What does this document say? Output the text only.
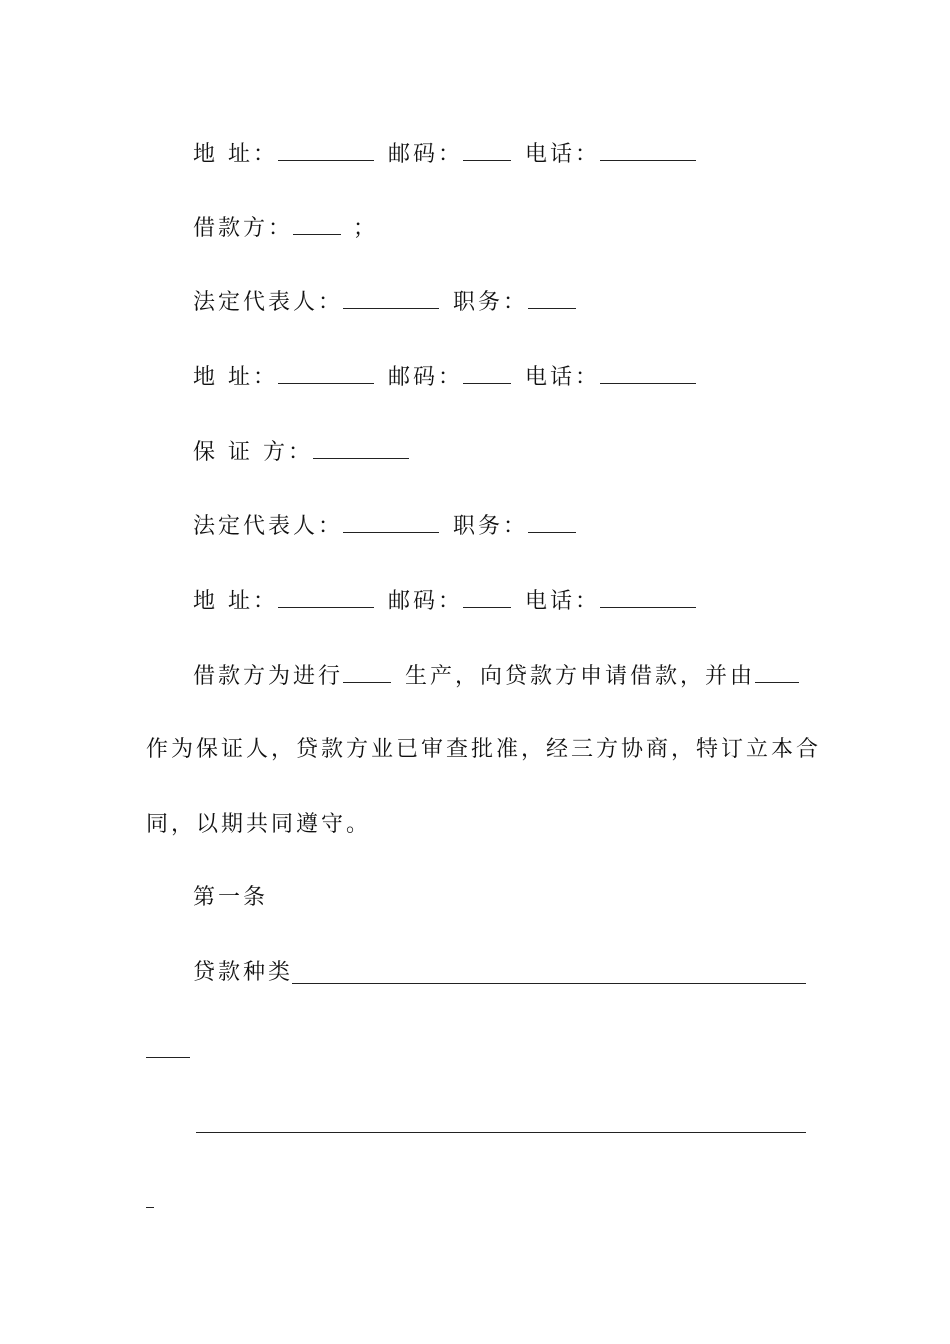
地 址：	邮码：	电话：
借款方：	；
法定代表人：	职务：
地 址：	邮码：	电话：
保 证 方：
法定代表人：	职务：
地 址：	邮码：	电话：
借款方为进行	生产，向贷款方申请借款，并由
作为保证人，贷款方业已审查批准，经三方协商，特订立本合
同，以期共同遵守。
第一条
贷款种类
